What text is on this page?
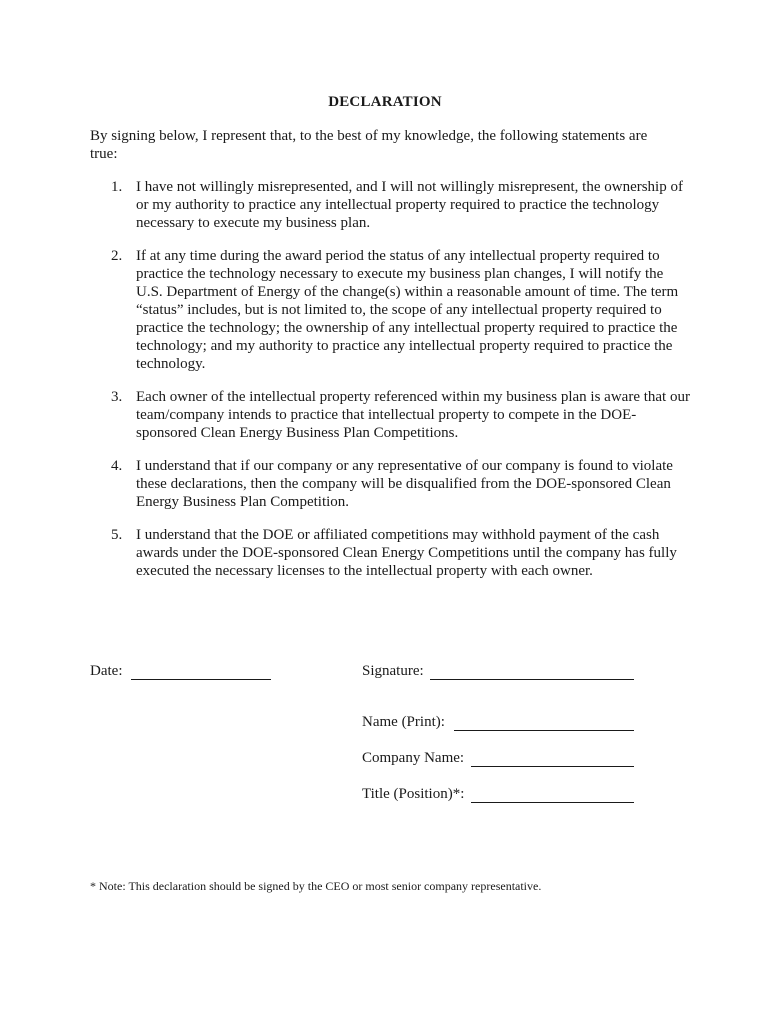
DECLARATION
By signing below, I represent that, to the best of my knowledge, the following statements are true:
1. I have not willingly misrepresented, and I will not willingly misrepresent, the ownership of or my authority to practice any intellectual property required to practice the technology necessary to execute my business plan.
2. If at any time during the award period the status of any intellectual property required to practice the technology necessary to execute my business plan changes, I will notify the U.S. Department of Energy of the change(s) within a reasonable amount of time. The term “status” includes, but is not limited to, the scope of any intellectual property required to practice the technology; the ownership of any intellectual property required to practice the technology; and my authority to practice any intellectual property required to practice the technology.
3. Each owner of the intellectual property referenced within my business plan is aware that our team/company intends to practice that intellectual property to compete in the DOE-sponsored Clean Energy Business Plan Competitions.
4. I understand that if our company or any representative of our company is found to violate these declarations, then the company will be disqualified from the DOE-sponsored Clean Energy Business Plan Competition.
5. I understand that the DOE or affiliated competitions may withhold payment of the cash awards under the DOE-sponsored Clean Energy Competitions until the company has fully executed the necessary licenses to the intellectual property with each owner.
Date:	Signature:
Name (Print):
Company Name:
Title (Position)*:
* Note: This declaration should be signed by the CEO or most senior company representative.
